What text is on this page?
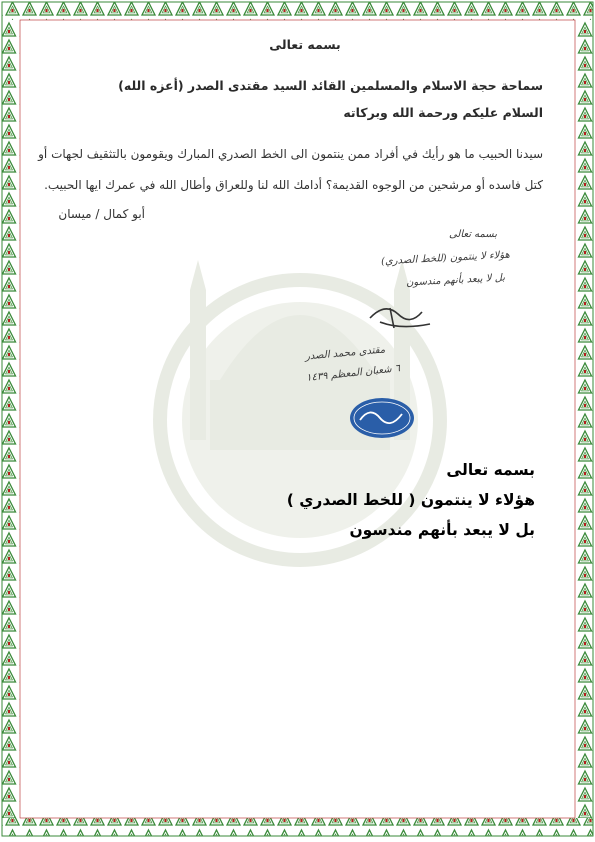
بسمه تعالى
سماحة حجة الاسلام والمسلمين القائد السيد مقتدى الصدر (أعزه الله)
السلام عليكم ورحمة الله وبركاته
سيدنا الحبيب ما هو رأيك في أفراد ممن ينتمون الى الخط الصدري المبارك ويقومون بالتثقيف لجهات أو
كتل فاسده أو مرشحين من الوجوه القديمة؟ أدامك الله لنا وللعراق وأطال الله في عمرك ايها الحبيب.
أبو كمال / ميسان
بسمه تعالى
هؤلاء لا ينتمون (للخط الصدري)
بل لا يبعد بأنهم مندسون
مقتدى محمد الصدر
٦ شعبان المعظم ١٤٣٩
بسمه تعالى
هؤلاء لا ينتمون ( للخط الصدري )
بل لا يبعد بأنهم مندسون
